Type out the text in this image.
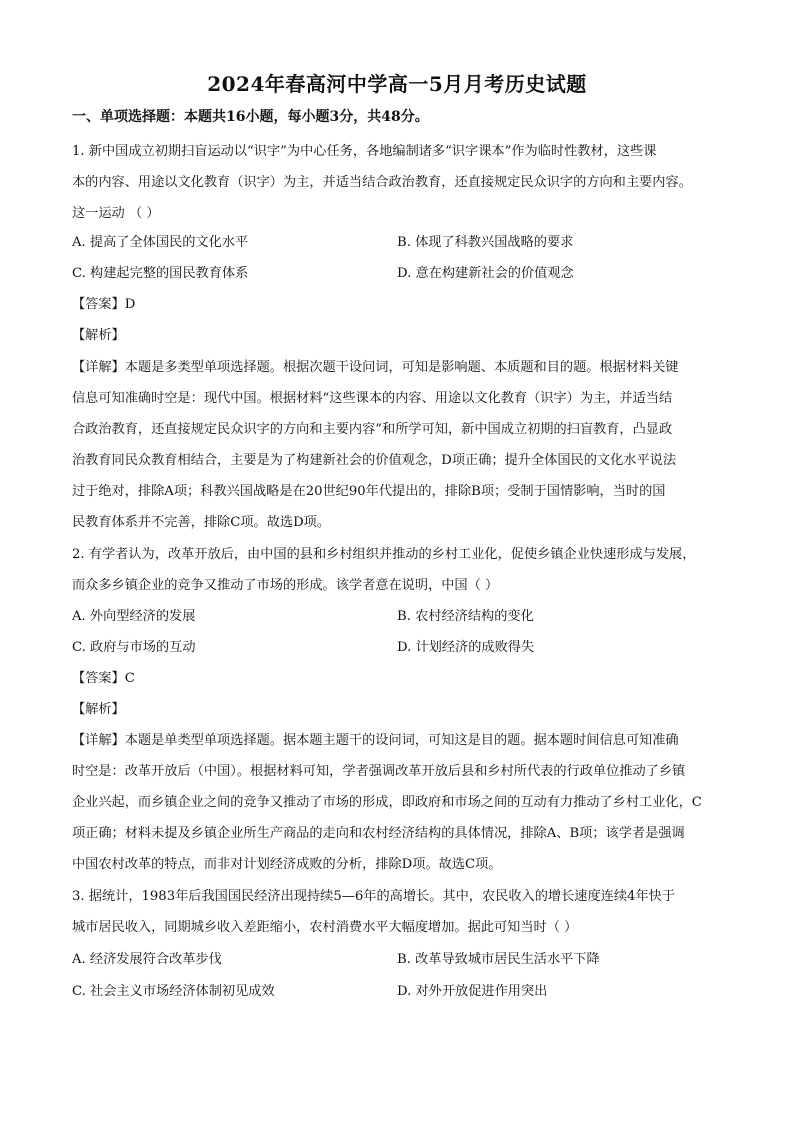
2024年春高河中学高一5月月考历史试题
一、单项选择题：本题共16小题，每小题3分，共48分。
1. 新中国成立初期扫盲运动以“识字”为中心任务，各地编制诸多“识字课本”作为临时性教材，这些课
本的内容、用途以文化教育（识字）为主，并适当结合政治教育，还直接规定民众识字的方向和主要内容。
这一运动 （ ）
A. 提高了全体国民的文化水平	B. 体现了科教兴国战略的要求
C. 构建起完整的国民教育体系	D. 意在构建新社会的价值观念
【答案】D
【解析】
【详解】本题是多类型单项选择题。根据次题干设问词，可知是影响题、本质题和目的题。根据材料关键
信息可知准确时空是：现代中国。根据材料“这些课本的内容、用途以文化教育（识字）为主，并适当结
合政治教育，还直接规定民众识字的方向和主要内容”和所学可知，新中国成立初期的扫盲教育，凸显政
治教育同民众教育相结合，主要是为了构建新社会的价值观念，D项正确；提升全体国民的文化水平说法
过于绝对，排除A项；科教兴国战略是在20世纪90年代提出的，排除B项；受制于国情影响，当时的国
民教育体系并不完善，排除C项。故选D项。
2. 有学者认为，改革开放后，由中国的县和乡村组织并推动的乡村工业化，促使乡镇企业快速形成与发展，
而众多乡镇企业的竞争又推动了市场的形成。该学者意在说明，中国（ ）
A. 外向型经济的发展	B. 农村经济结构的变化
C. 政府与市场的互动	D. 计划经济的成败得失
【答案】C
【解析】
【详解】本题是单类型单项选择题。据本题主题干的设问词，可知这是目的题。据本题时间信息可知准确
时空是：改革开放后（中国）。根据材料可知，学者强调改革开放后县和乡村所代表的行政单位推动了乡镇
企业兴起，而乡镇企业之间的竞争又推动了市场的形成，即政府和市场之间的互动有力推动了乡村工业化，C
项正确；材料未提及乡镇企业所生产商品的走向和农村经济结构的具体情况，排除A、B项；该学者是强调
中国农村改革的特点，而非对计划经济成败的分析，排除D项。故选C项。
3. 据统计，1983年后我国国民经济出现持续5—6年的高增长。其中，农民收入的增长速度连续4年快于
城市居民收入，同期城乡收入差距缩小，农村消费水平大幅度增加。据此可知当时（ ）
A. 经济发展符合改革步伐	B. 改革导致城市居民生活水平下降
C. 社会主义市场经济体制初见成效	D. 对外开放促进作用突出
